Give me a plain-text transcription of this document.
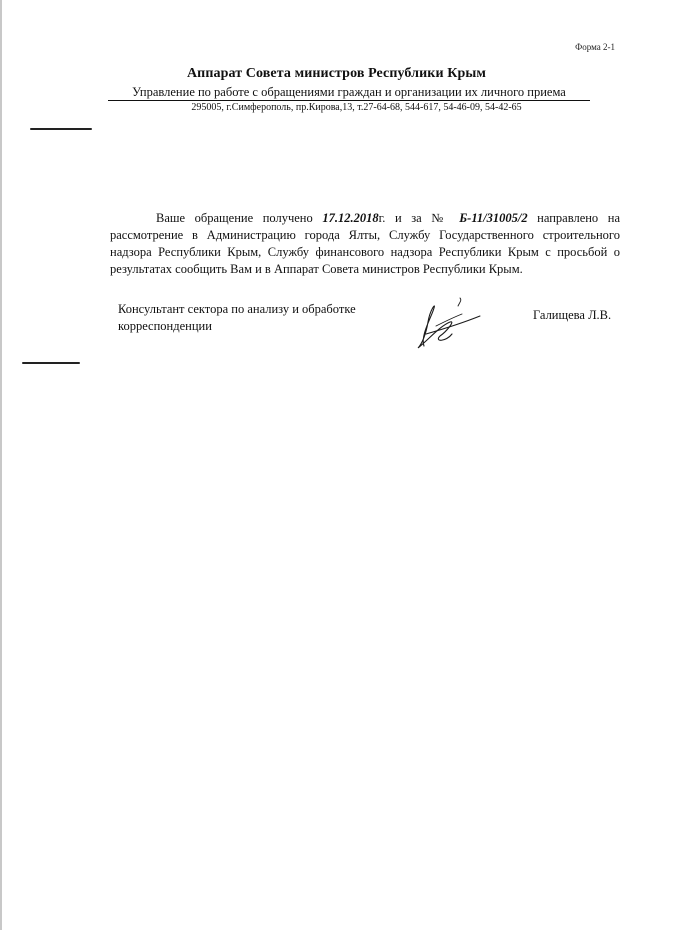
Форма 2-1
Аппарат Совета министров Республики Крым
Управление по работе с обращениями граждан и организации их личного приема
295005, г.Симферополь, пр.Кирова,13, т.27-64-68, 544-617, 54-46-09, 54-42-65
Ваше обращение получено 17.12.2018г. и за № Б-11/31005/2 направлено на рассмотрение в Администрацию города Ялты, Службу Государственного строительного надзора Республики Крым, Службу финансового надзора Республики Крым с просьбой о результатах сообщить Вам и в Аппарат Совета министров Республики Крым.
Консультант сектора по анализу и обработке корреспонденции
Галищева Л.В.
